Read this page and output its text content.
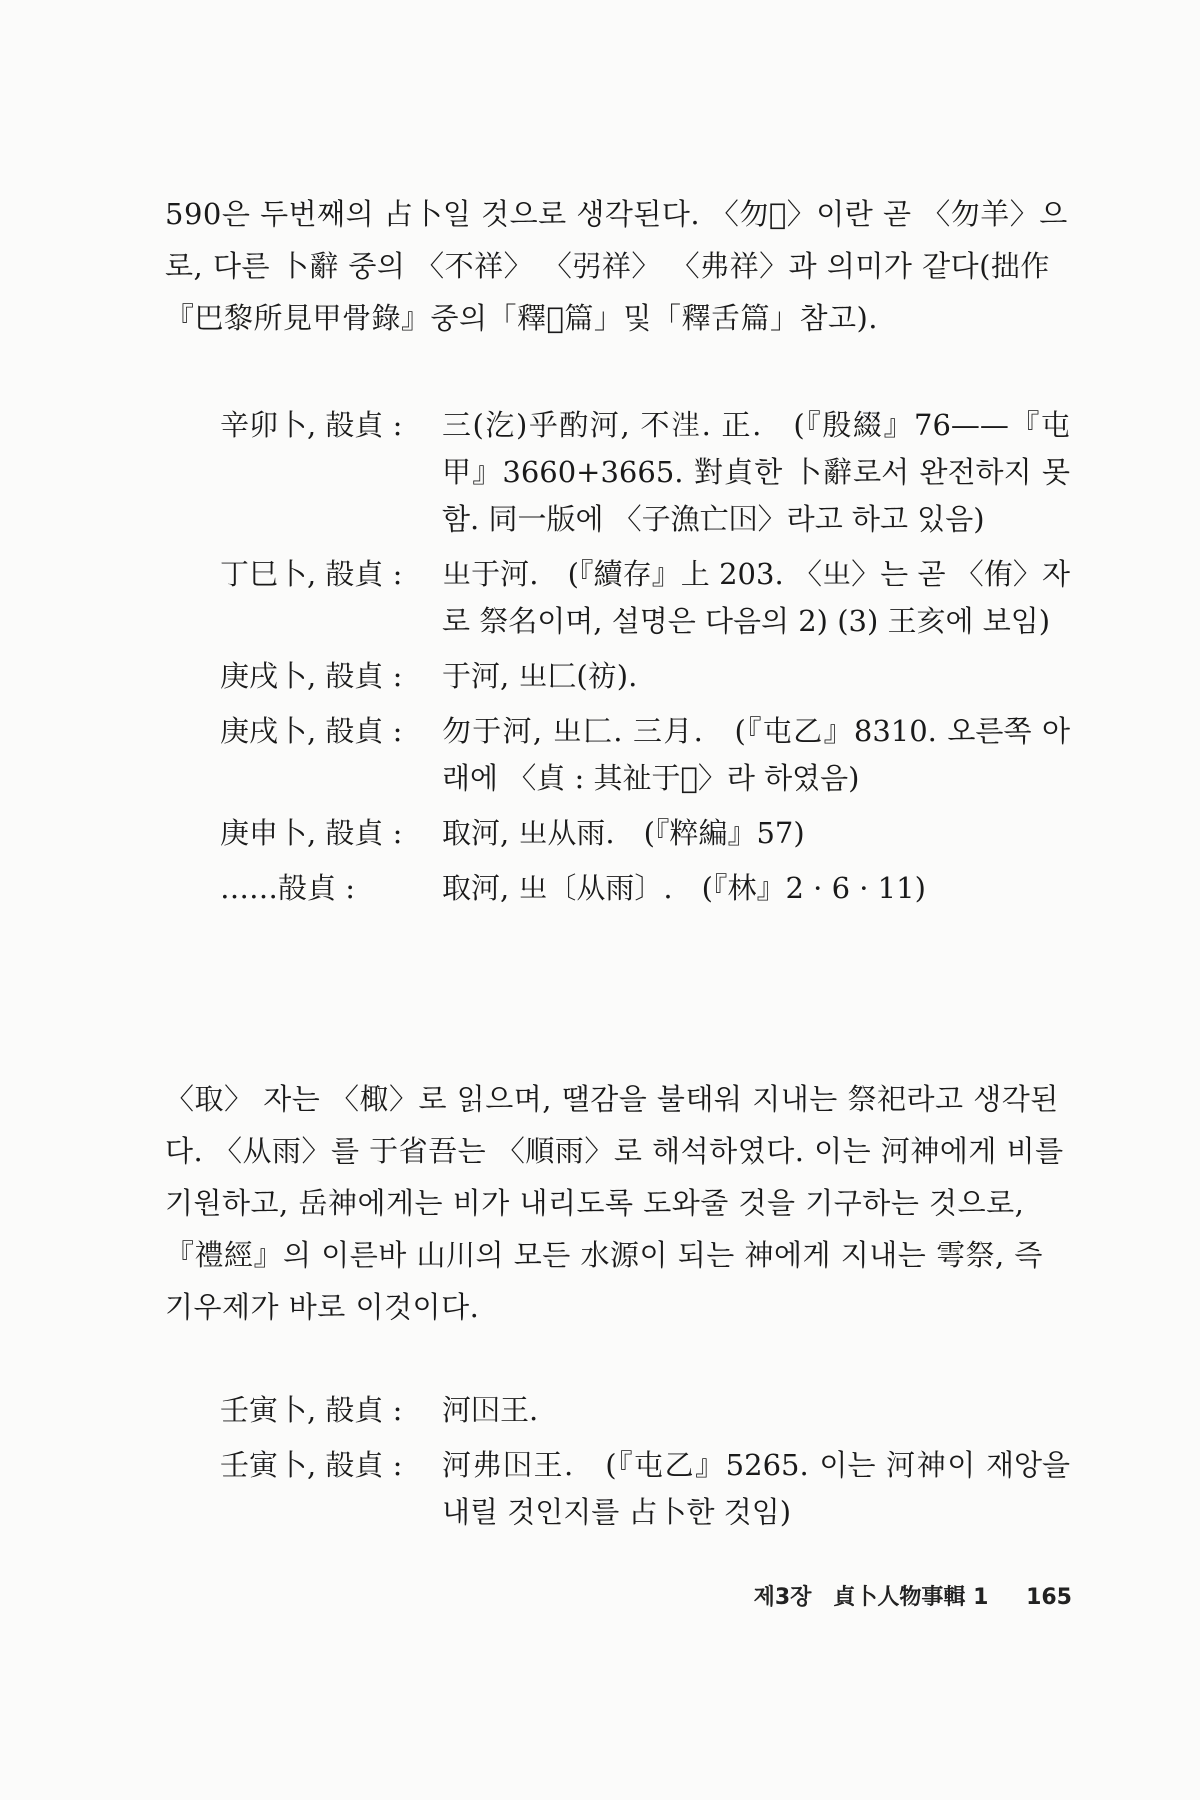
590은 두번째의 占卜일 것으로 생각된다. 〈勿𦏲〉이란 곧 〈勿羊〉으로, 다른 卜辭 중의 〈不祥〉 〈弜祥〉 〈弗祥〉과 의미가 같다(拙作『巴黎所見甲骨錄』중의「釋𦏲篇」및「釋舌篇」참고).

辛卯卜, 㱿貞 :	三(汔)乎酌河, 不𣳫. 正.　(『殷綴』76——『屯甲』3660+3665. 對貞한 卜辭로서 완전하지 못함. 同一版에 〈子漁亡𡆥〉라고 하고 있음)
丁巳卜, 㱿貞 :	㞢于河.　(『續存』上 203. 〈㞢〉는 곧 〈侑〉자로 祭名이며, 설명은 다음의 2) (3) 王亥에 보임)
庚戌卜, 㱿貞 :	于河, 㞢匚(祊).
庚戌卜, 㱿貞 :	勿于河, 㞢匚. 三月.　(『屯乙』8310. 오른쪽 아래에 〈貞 : 其祉于𡛥〉라 하였음)
庚申卜, 㱿貞 :	取河, 㞢从雨.　(『粹編』57)
……㱿貞 :	取河, 㞢〔从雨〕.　(『林』2 · 6 · 11)

〈取〉 자는 〈棷〉로 읽으며, 땔감을 불태워 지내는 祭祀라고 생각된다. 〈从雨〉를 于省吾는 〈順雨〉로 해석하였다. 이는 河神에게 비를 기원하고, 岳神에게는 비가 내리도록 도와줄 것을 기구하는 것으로,『禮經』의 이른바 山川의 모든 水源이 되는 神에게 지내는 雩祭, 즉 기우제가 바로 이것이다.

壬寅卜, 㱿貞 :	河𡆥王.
壬寅卜, 㱿貞 :	河弗𡆥王.　(『屯乙』5265. 이는 河神이 재앙을 내릴 것인지를 占卜한 것임)
제3장　貞卜人物事輯 1 165
